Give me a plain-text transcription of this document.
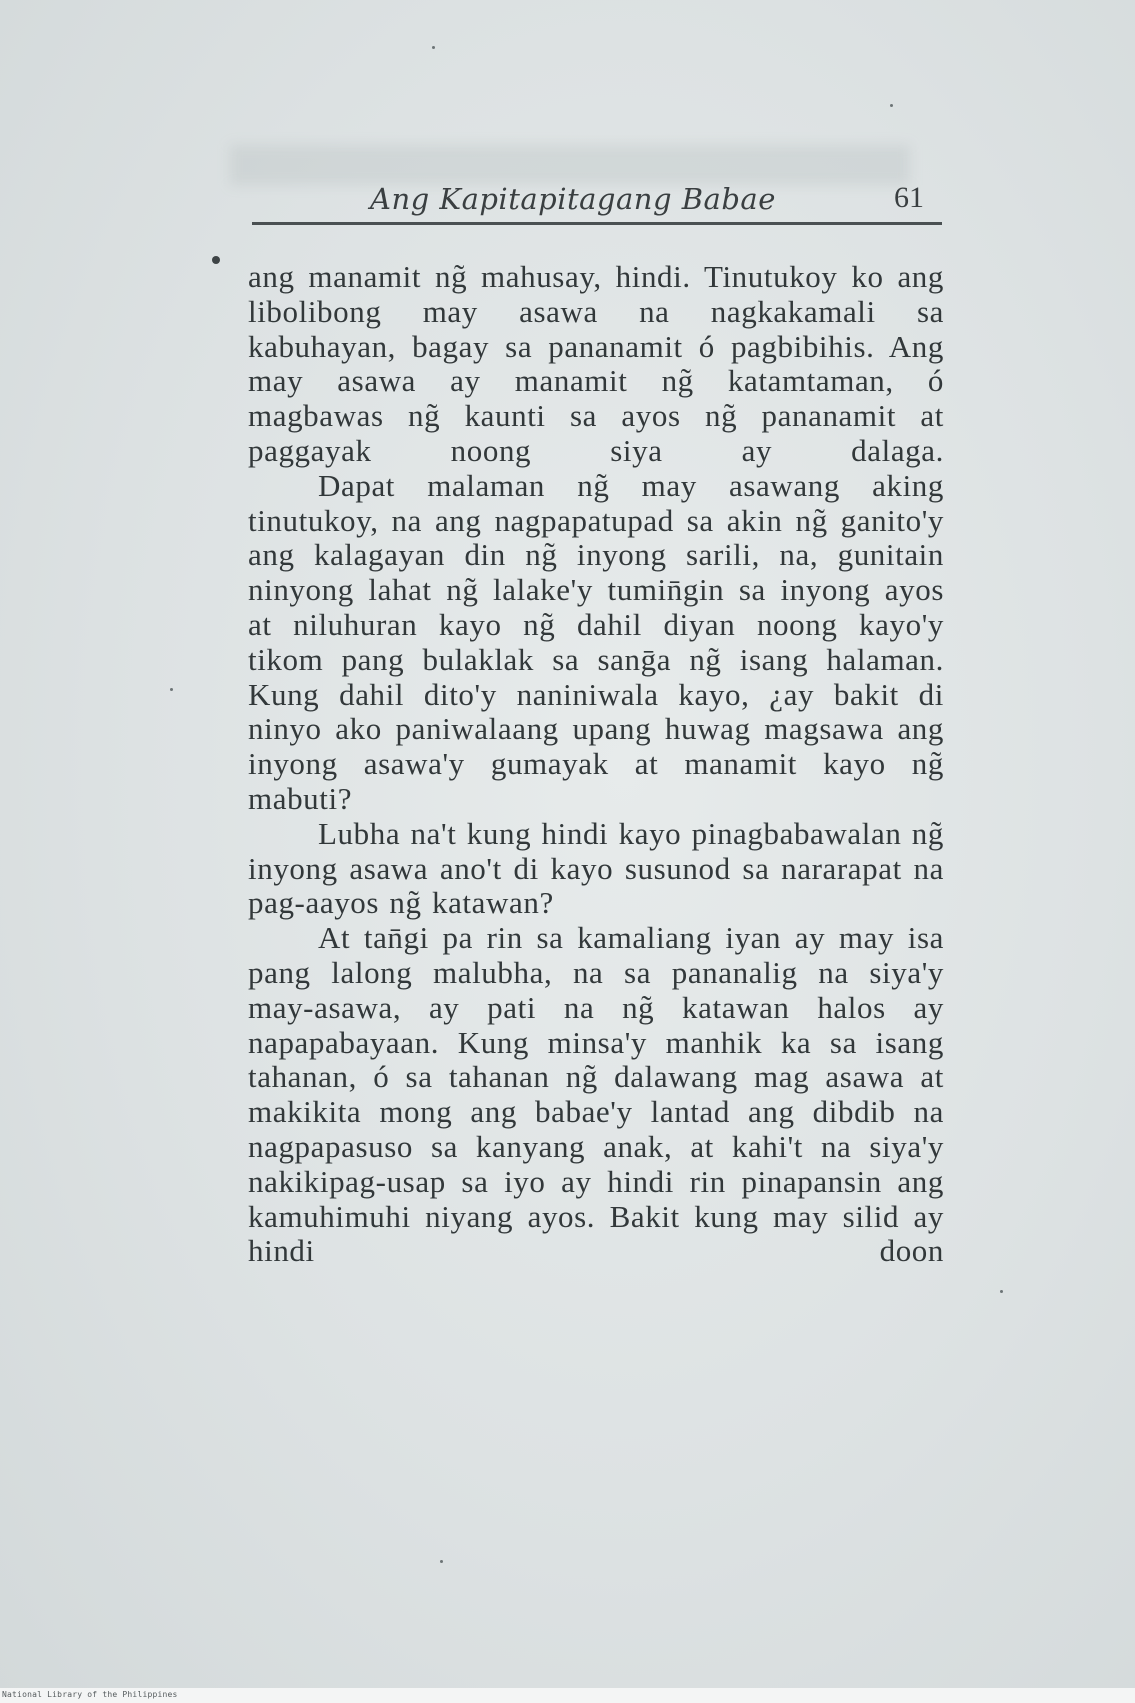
Ang Kapitapitagang Babae	61

ang manamit ng̃ mahusay, hindi. Tinutukoy ko ang libolibong may asawa na nagkakamali sa kabuhayan, bagay sa pananamit ó pagbibihis. Ang may asawa ay manamit ng̃ katamtaman, ó magbawas ng̃ kaunti sa ayos ng̃ pananamit at paggayak noong siya ay dalaga.

Dapat malaman ng̃ may asawang aking tinutukoy, na ang nagpapatupad sa akin ng̃ ganito'y ang kalagayan din ng̃ inyong sarili, na, gunitain ninyong lahat ng̃ lalake'y tumin̄gin sa inyong ayos at niluhuran kayo ng̃ dahil diyan noong kayo'y tikom pang bulaklak sa sanḡa ng̃ isang halaman. Kung dahil dito'y naniniwala kayo, ¿ay bakit di ninyo ako paniwalaang upang huwag magsawa ang inyong asawa'y gumayak at manamit kayo ng̃ mabuti?

Lubha na't kung hindi kayo pinagbabawalan ng̃ inyong asawa ano't di kayo susunod sa nararapat na pag-aayos ng̃ katawan?

At tan̄gi pa rin sa kamaliang iyan ay may isa pang lalong malubha, na sa pananalig na siya'y may-asawa, ay pati na ng̃ katawan halos ay napapabayaan. Kung minsa'y manhik ka sa isang tahanan, ó sa tahanan ng̃ dalawang mag asawa at makikita mong ang babae'y lantad ang dibdib na nagpapasuso sa kanyang anak, at kahi't na siya'y nakikipag-usap sa iyo ay hindi rin pinapansin ang kamuhimuhi niyang ayos. Bakit kung may silid ay hindi doon

National Library of the Philippines
